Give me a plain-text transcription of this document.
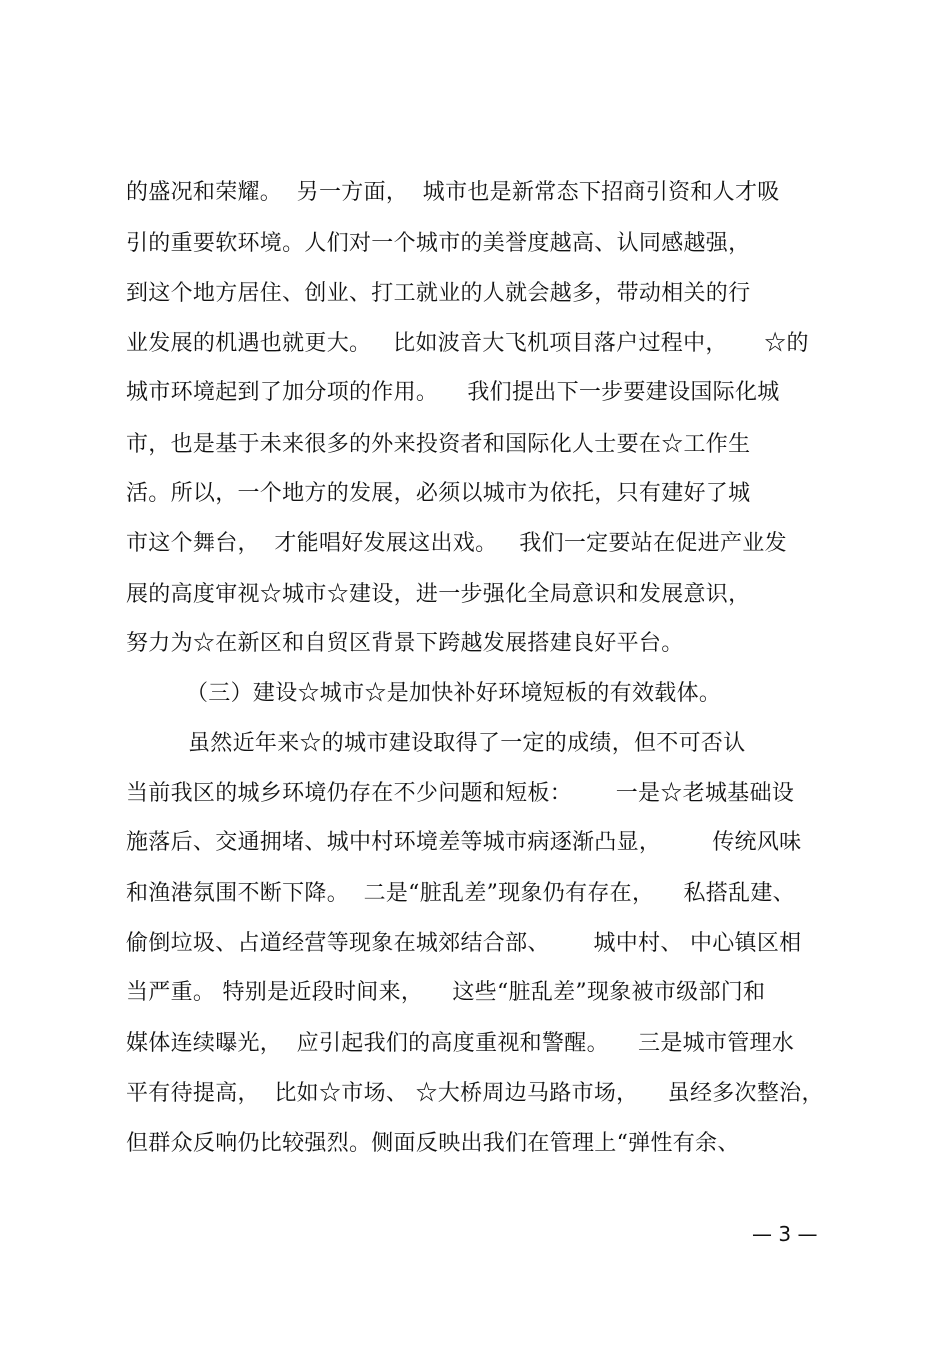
的盛况和荣耀。  另一方面，  城市也是新常态下招商引资和人才吸
引的重要软环境。人们对一个城市的美誉度越高、认同感越强，
到这个地方居住、创业、打工就业的人就会越多，带动相关的行
业发展的机遇也就更大。   比如波音大飞机项目落户过程中，     ☆的
城市环境起到了加分项的作用。    我们提出下一步要建设国际化城
市，也是基于未来很多的外来投资者和国际化人士要在☆工作生
活。所以，一个地方的发展，必须以城市为依托，只有建好了城
市这个舞台，  才能唱好发展这出戏。   我们一定要站在促进产业发
展的高度审视☆城市☆建设，进一步强化全局意识和发展意识，
努力为☆在新区和自贸区背景下跨越发展搭建良好平台。
（三）建设☆城市☆是加快补好环境短板的有效载体。
虽然近年来☆的城市建设取得了一定的成绩，但不可否认
当前我区的城乡环境仍存在不少问题和短板：      一是☆老城基础设
施落后、交通拥堵、城中村环境差等城市病逐渐凸显，       传统风味
和渔港氛围不断下降。  二是“脏乱差”现象仍有存在，    私搭乱建、
偷倒垃圾、占道经营等现象在城郊结合部、      城中村、 中心镇区相
当严重。 特别是近段时间来，    这些“脏乱差”现象被市级部门和
媒体连续曝光，  应引起我们的高度重视和警醒。    三是城市管理水
平有待提高，  比如☆市场、 ☆大桥周边马路市场，    虽经多次整治，
但群众反响仍比较强烈。侧面反映出我们在管理上“弹性有余、
— 3 —
